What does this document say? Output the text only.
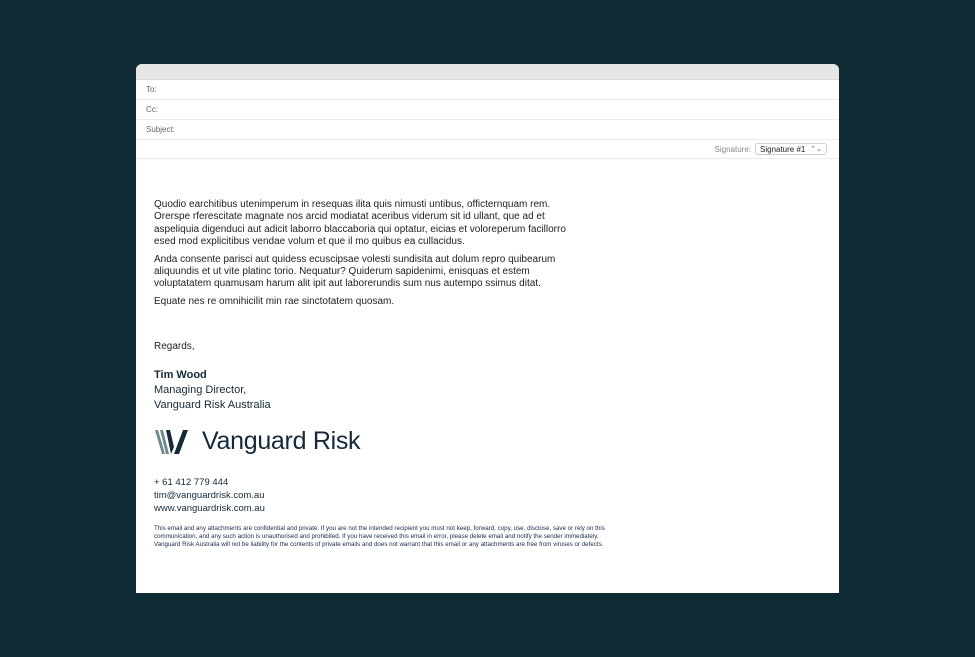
To:
Cc:
Subject:
Signature: Signature #1 ⌃⌄

Quodio earchitibus utenimperum in resequas ilita quis nimusti untibus, officternquam rem. Orerspe rferescitate magnate nos arcid modiatat aceribus viderum sit id ullant, que ad et aspeliquia digenduci aut adicit laborro blaccaboria qui optatur, eicias et voloreperum facillorro esed mod explicitibus vendae volum et que il mo quibus ea cullacidus.

Anda consente parisci aut quidess ecuscipsae volesti sundisita aut dolum repro quibearum aliquundis et ut vite platinc torio. Nequatur? Quiderum sapidenimi, enisquas et estem voluptatatem quamusam harum alit ipit aut laborerundis sum nus autempo ssimus ditat.

Equate nes re omnihicilit min rae sinctotatem quosam.

Regards,
Tim Wood
Managing Director,
Vanguard Risk Australia
Vanguard Risk
+ 61 412 779 444
tim@vanguardrisk.com.au
www.vanguardrisk.com.au
This email and any attachments are confidential and private. If you are not the intended recipient you must not keep, forward, copy, use, disclose, save or rely on this communication, and any such action is unauthorised and prohibited. If you have received this email in error, please delete email and notify the sender immediately. Vanguard Risk Australia will not be liability for the contents of private emails and does not warrant that this email or any attachments are free from viruses or defects.
